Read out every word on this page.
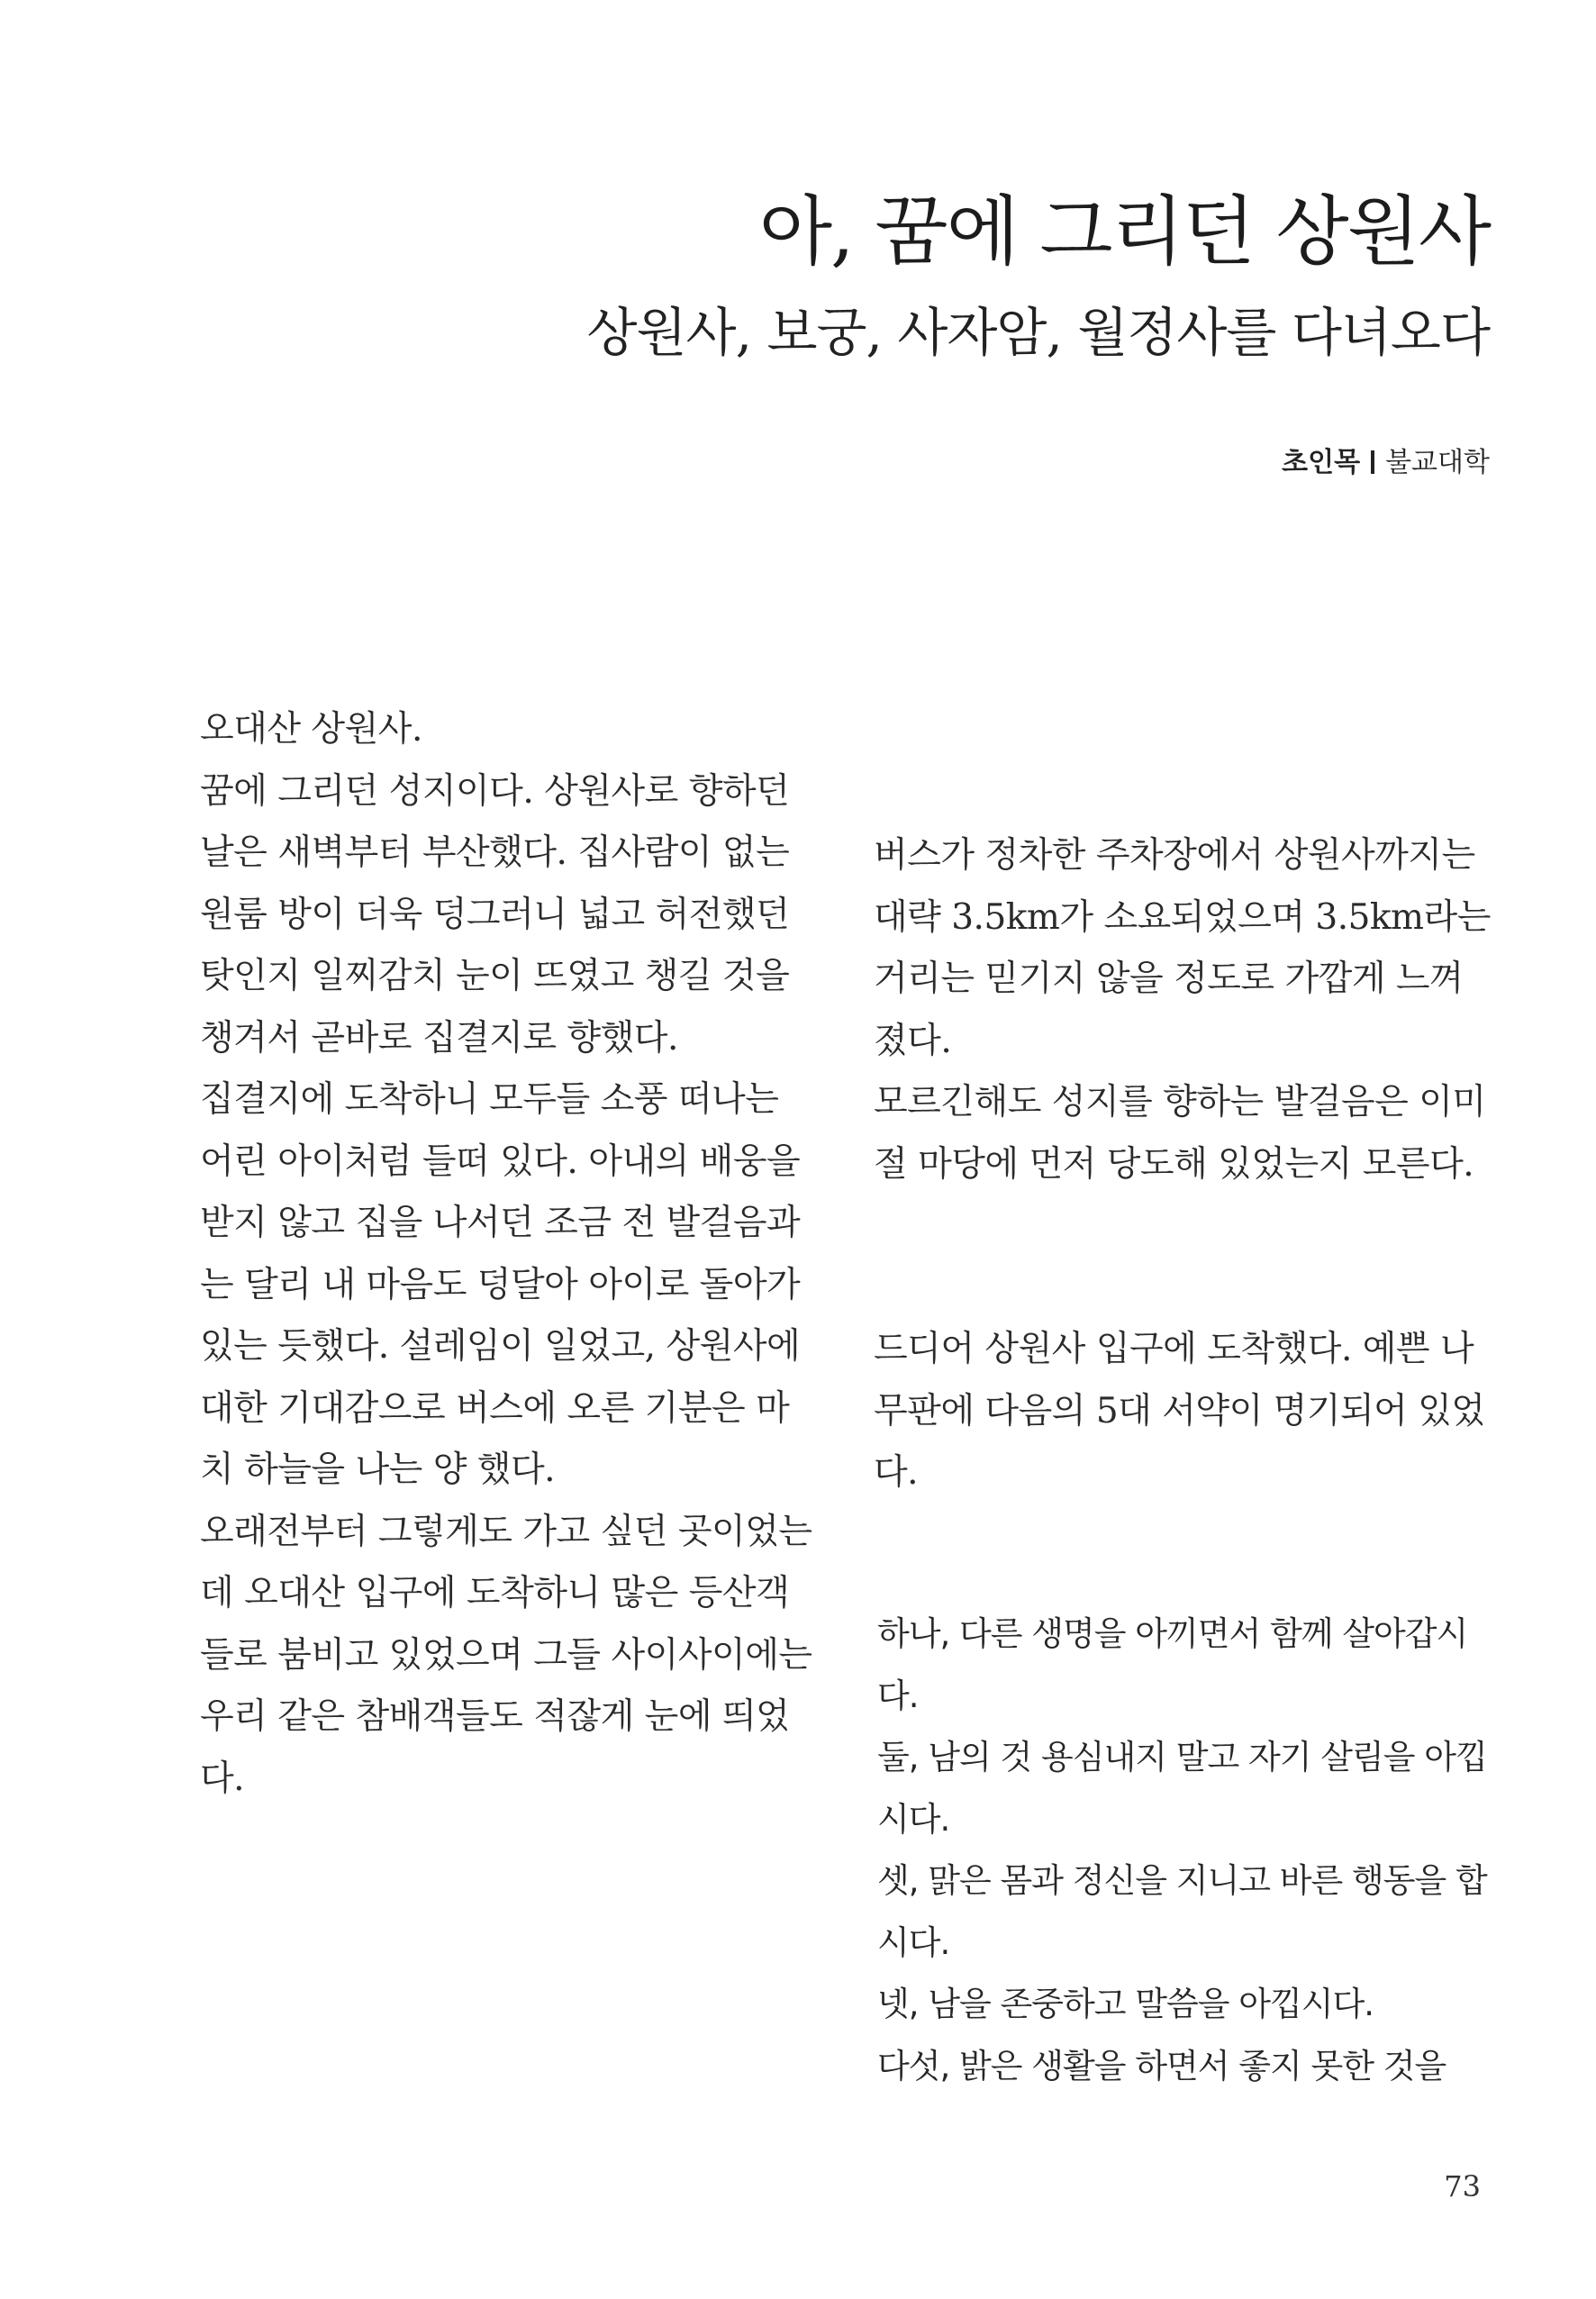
아, 꿈에 그리던 상원사
상원사, 보궁, 사자암, 월정사를 다녀오다
초인목 불교대학

오대산 상원사.

꿈에 그리던 성지이다. 상원사로 향하던 날은 새벽부터 부산했다. 집사람이 없는 원룸 방이 더욱 덩그러니 넓고 허전했던 탓인지 일찌감치 눈이 뜨였고 챙길 것을 챙겨서 곧바로 집결지로 향했다.

집결지에 도착하니 모두들 소풍 떠나는 어린 아이처럼 들떠 있다. 아내의 배웅을 받지 않고 집을 나서던 조금 전 발걸음과는 달리 내 마음도 덩달아 아이로 돌아가 있는 듯했다. 설레임이 일었고, 상원사에 대한 기대감으로 버스에 오른 기분은 마치 하늘을 나는 양 했다.

오래전부터 그렇게도 가고 싶던 곳이었는데 오대산 입구에 도착하니 많은 등산객들로 붐비고 있었으며 그들 사이사이에는 우리 같은 참배객들도 적잖게 눈에 띄었다.

버스가 정차한 주차장에서 상원사까지는 대략 3.5km가 소요되었으며 3.5km라는 거리는 믿기지 않을 정도로 가깝게 느껴졌다.

모르긴해도 성지를 향하는 발걸음은 이미 절 마당에 먼저 당도해 있었는지 모른다.

드디어 상원사 입구에 도착했다. 예쁜 나무판에 다음의 5대 서약이 명기되어 있었다.

하나, 다른 생명을 아끼면서 함께 살아갑시다.

둘, 남의 것 용심내지 말고 자기 살림을 아낍시다.

셋, 맑은 몸과 정신을 지니고 바른 행동을 합시다.

넷, 남을 존중하고 말씀을 아낍시다.

다섯, 밝은 생활을 하면서 좋지 못한 것을

73
